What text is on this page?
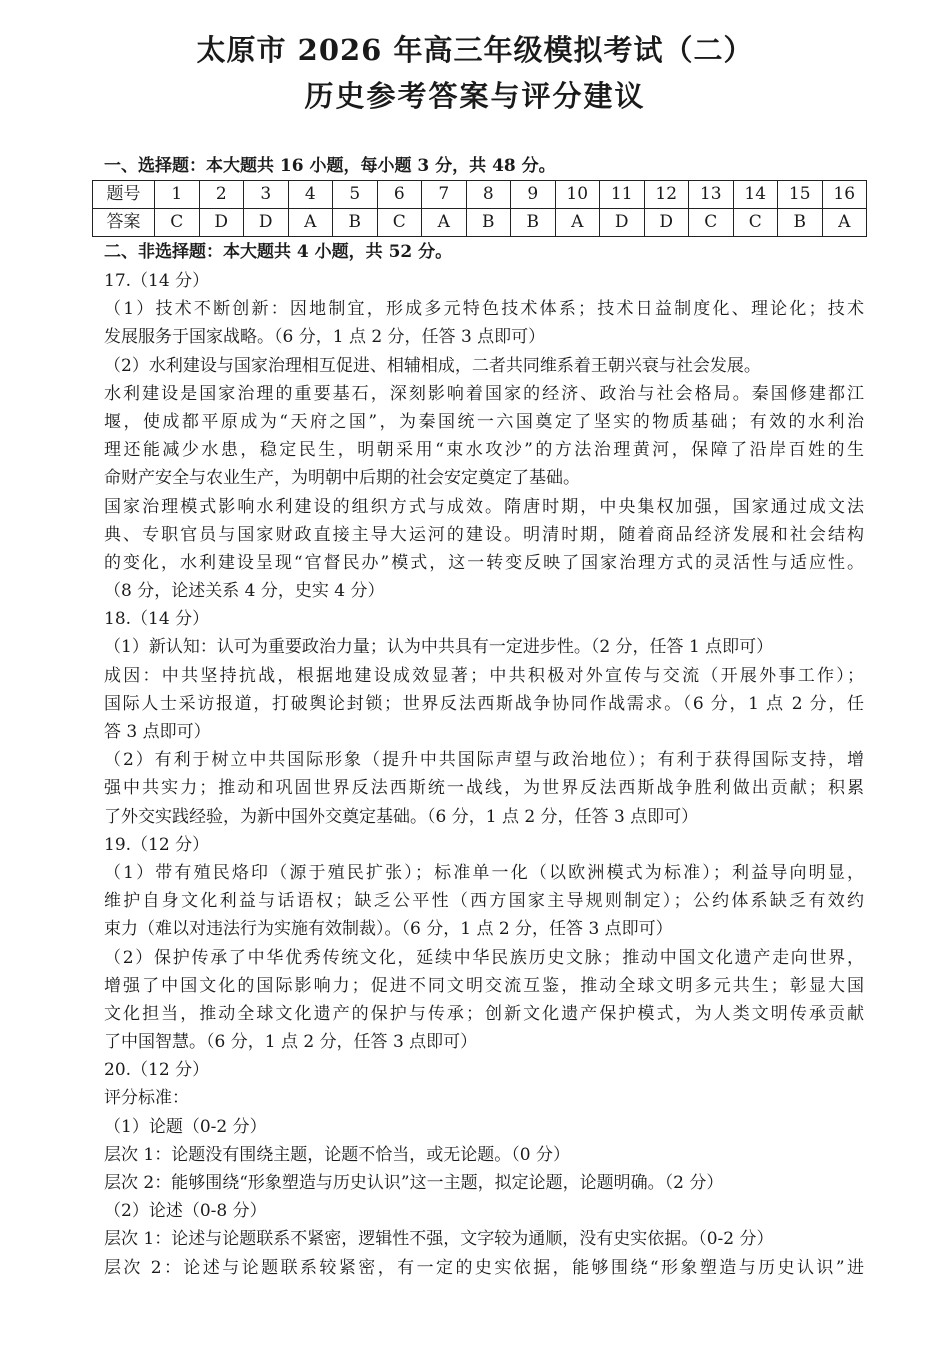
太原市 2026 年高三年级模拟考试（二）
历史参考答案与评分建议
一、选择题：本大题共 16 小题，每小题 3 分，共 48 分。
题号	1	2	3	4	5	6	7	8	9	10	11	12	13	14	15	16
答案	C	D	D	A	B	C	A	B	B	A	D	D	C	C	B	A
二、非选择题：本大题共 4 小题，共 52 分。
17.（14 分）
（1）技术不断创新：因地制宜，形成多元特色技术体系；技术日益制度化、理论化；技术
发展服务于国家战略。（6 分，1 点 2 分，任答 3 点即可）
（2）水利建设与国家治理相互促进、相辅相成，二者共同维系着王朝兴衰与社会发展。
水利建设是国家治理的重要基石，深刻影响着国家的经济、政治与社会格局。秦国修建都江
堰，使成都平原成为“天府之国”，为秦国统一六国奠定了坚实的物质基础；有效的水利治
理还能减少水患，稳定民生，明朝采用“束水攻沙”的方法治理黄河，保障了沿岸百姓的生
命财产安全与农业生产，为明朝中后期的社会安定奠定了基础。
国家治理模式影响水利建设的组织方式与成效。隋唐时期，中央集权加强，国家通过成文法
典、专职官员与国家财政直接主导大运河的建设。明清时期，随着商品经济发展和社会结构
的变化，水利建设呈现“官督民办”模式，这一转变反映了国家治理方式的灵活性与适应性。
（8 分，论述关系 4 分，史实 4 分）
18.（14 分）
（1）新认知：认可为重要政治力量；认为中共具有一定进步性。（2 分，任答 1 点即可）
成因：中共坚持抗战，根据地建设成效显著；中共积极对外宣传与交流（开展外事工作）；
国际人士采访报道，打破舆论封锁；世界反法西斯战争协同作战需求。（6 分，1 点 2 分，任
答 3 点即可）
（2）有利于树立中共国际形象（提升中共国际声望与政治地位）；有利于获得国际支持，增
强中共实力；推动和巩固世界反法西斯统一战线，为世界反法西斯战争胜利做出贡献；积累
了外交实践经验，为新中国外交奠定基础。（6 分，1 点 2 分，任答 3 点即可）
19.（12 分）
（1）带有殖民烙印（源于殖民扩张）；标准单一化（以欧洲模式为标准）；利益导向明显，
维护自身文化利益与话语权；缺乏公平性（西方国家主导规则制定）；公约体系缺乏有效约
束力（难以对违法行为实施有效制裁）。（6 分，1 点 2 分，任答 3 点即可）
（2）保护传承了中华优秀传统文化，延续中华民族历史文脉；推动中国文化遗产走向世界，
增强了中国文化的国际影响力；促进不同文明交流互鉴，推动全球文明多元共生；彰显大国
文化担当，推动全球文化遗产的保护与传承；创新文化遗产保护模式，为人类文明传承贡献
了中国智慧。（6 分，1 点 2 分，任答 3 点即可）
20.（12 分）
评分标准：
（1）论题（0-2 分）
层次 1：论题没有围绕主题，论题不恰当，或无论题。（0 分）
层次 2：能够围绕“形象塑造与历史认识”这一主题，拟定论题，论题明确。（2 分）
（2）论述（0-8 分）
层次 1：论述与论题联系不紧密，逻辑性不强，文字较为通顺，没有史实依据。（0-2 分）
层次 2：论述与论题联系较紧密，有一定的史实依据，能够围绕“形象塑造与历史认识”进
